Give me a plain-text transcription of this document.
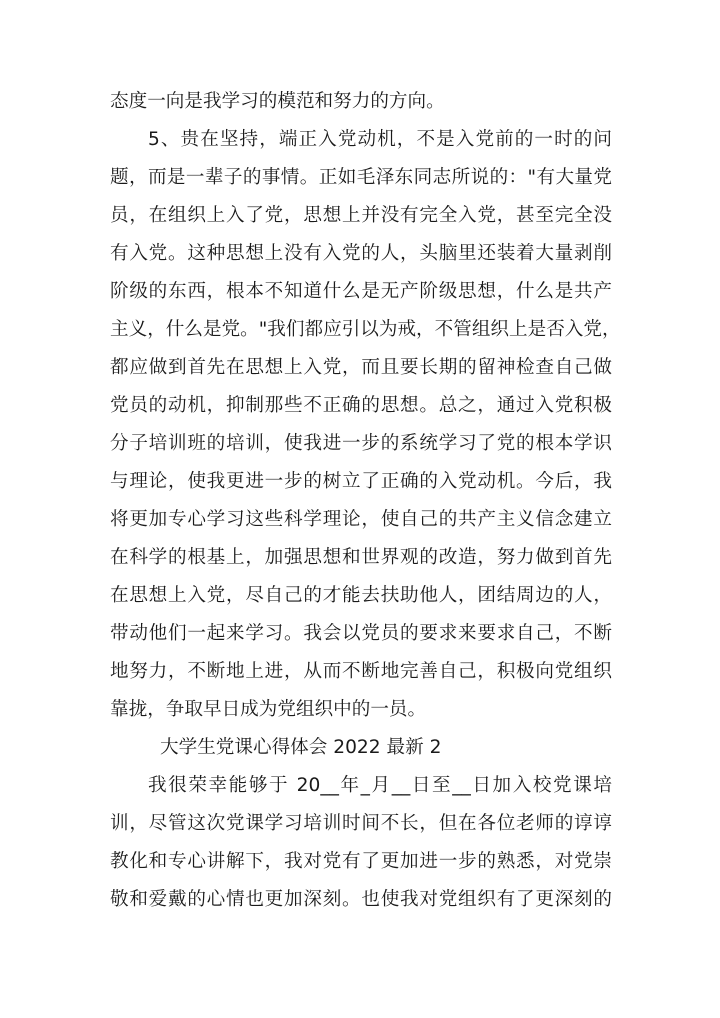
态度一向是我学习的模范和努力的方向。
5、贵在坚持，端正入党动机，不是入党前的一时的问
题，而是一辈子的事情。正如毛泽东同志所说的："有大量党
员，在组织上入了党，思想上并没有完全入党，甚至完全没
有入党。这种思想上没有入党的人，头脑里还装着大量剥削
阶级的东西，根本不知道什么是无产阶级思想，什么是共产
主义，什么是党。"我们都应引以为戒，不管组织上是否入党，
都应做到首先在思想上入党，而且要长期的留神检查自己做
党员的动机，抑制那些不正确的思想。总之，通过入党积极
分子培训班的培训，使我进一步的系统学习了党的根本学识
与理论，使我更进一步的树立了正确的入党动机。今后，我
将更加专心学习这些科学理论，使自己的共产主义信念建立
在科学的根基上，加强思想和世界观的改造，努力做到首先
在思想上入党，尽自己的才能去扶助他人，团结周边的人，
带动他们一起来学习。我会以党员的要求来要求自己，不断
地努力，不断地上进，从而不断地完善自己，积极向党组织
靠拢，争取早日成为党组织中的一员。
大学生党课心得体会 2022 最新 2
我很荣幸能够于 20__年_月__日至__日加入校党课培
训，尽管这次党课学习培训时间不长，但在各位老师的谆谆
教化和专心讲解下，我对党有了更加进一步的熟悉，对党崇
敬和爱戴的心情也更加深刻。也使我对党组织有了更深刻的
